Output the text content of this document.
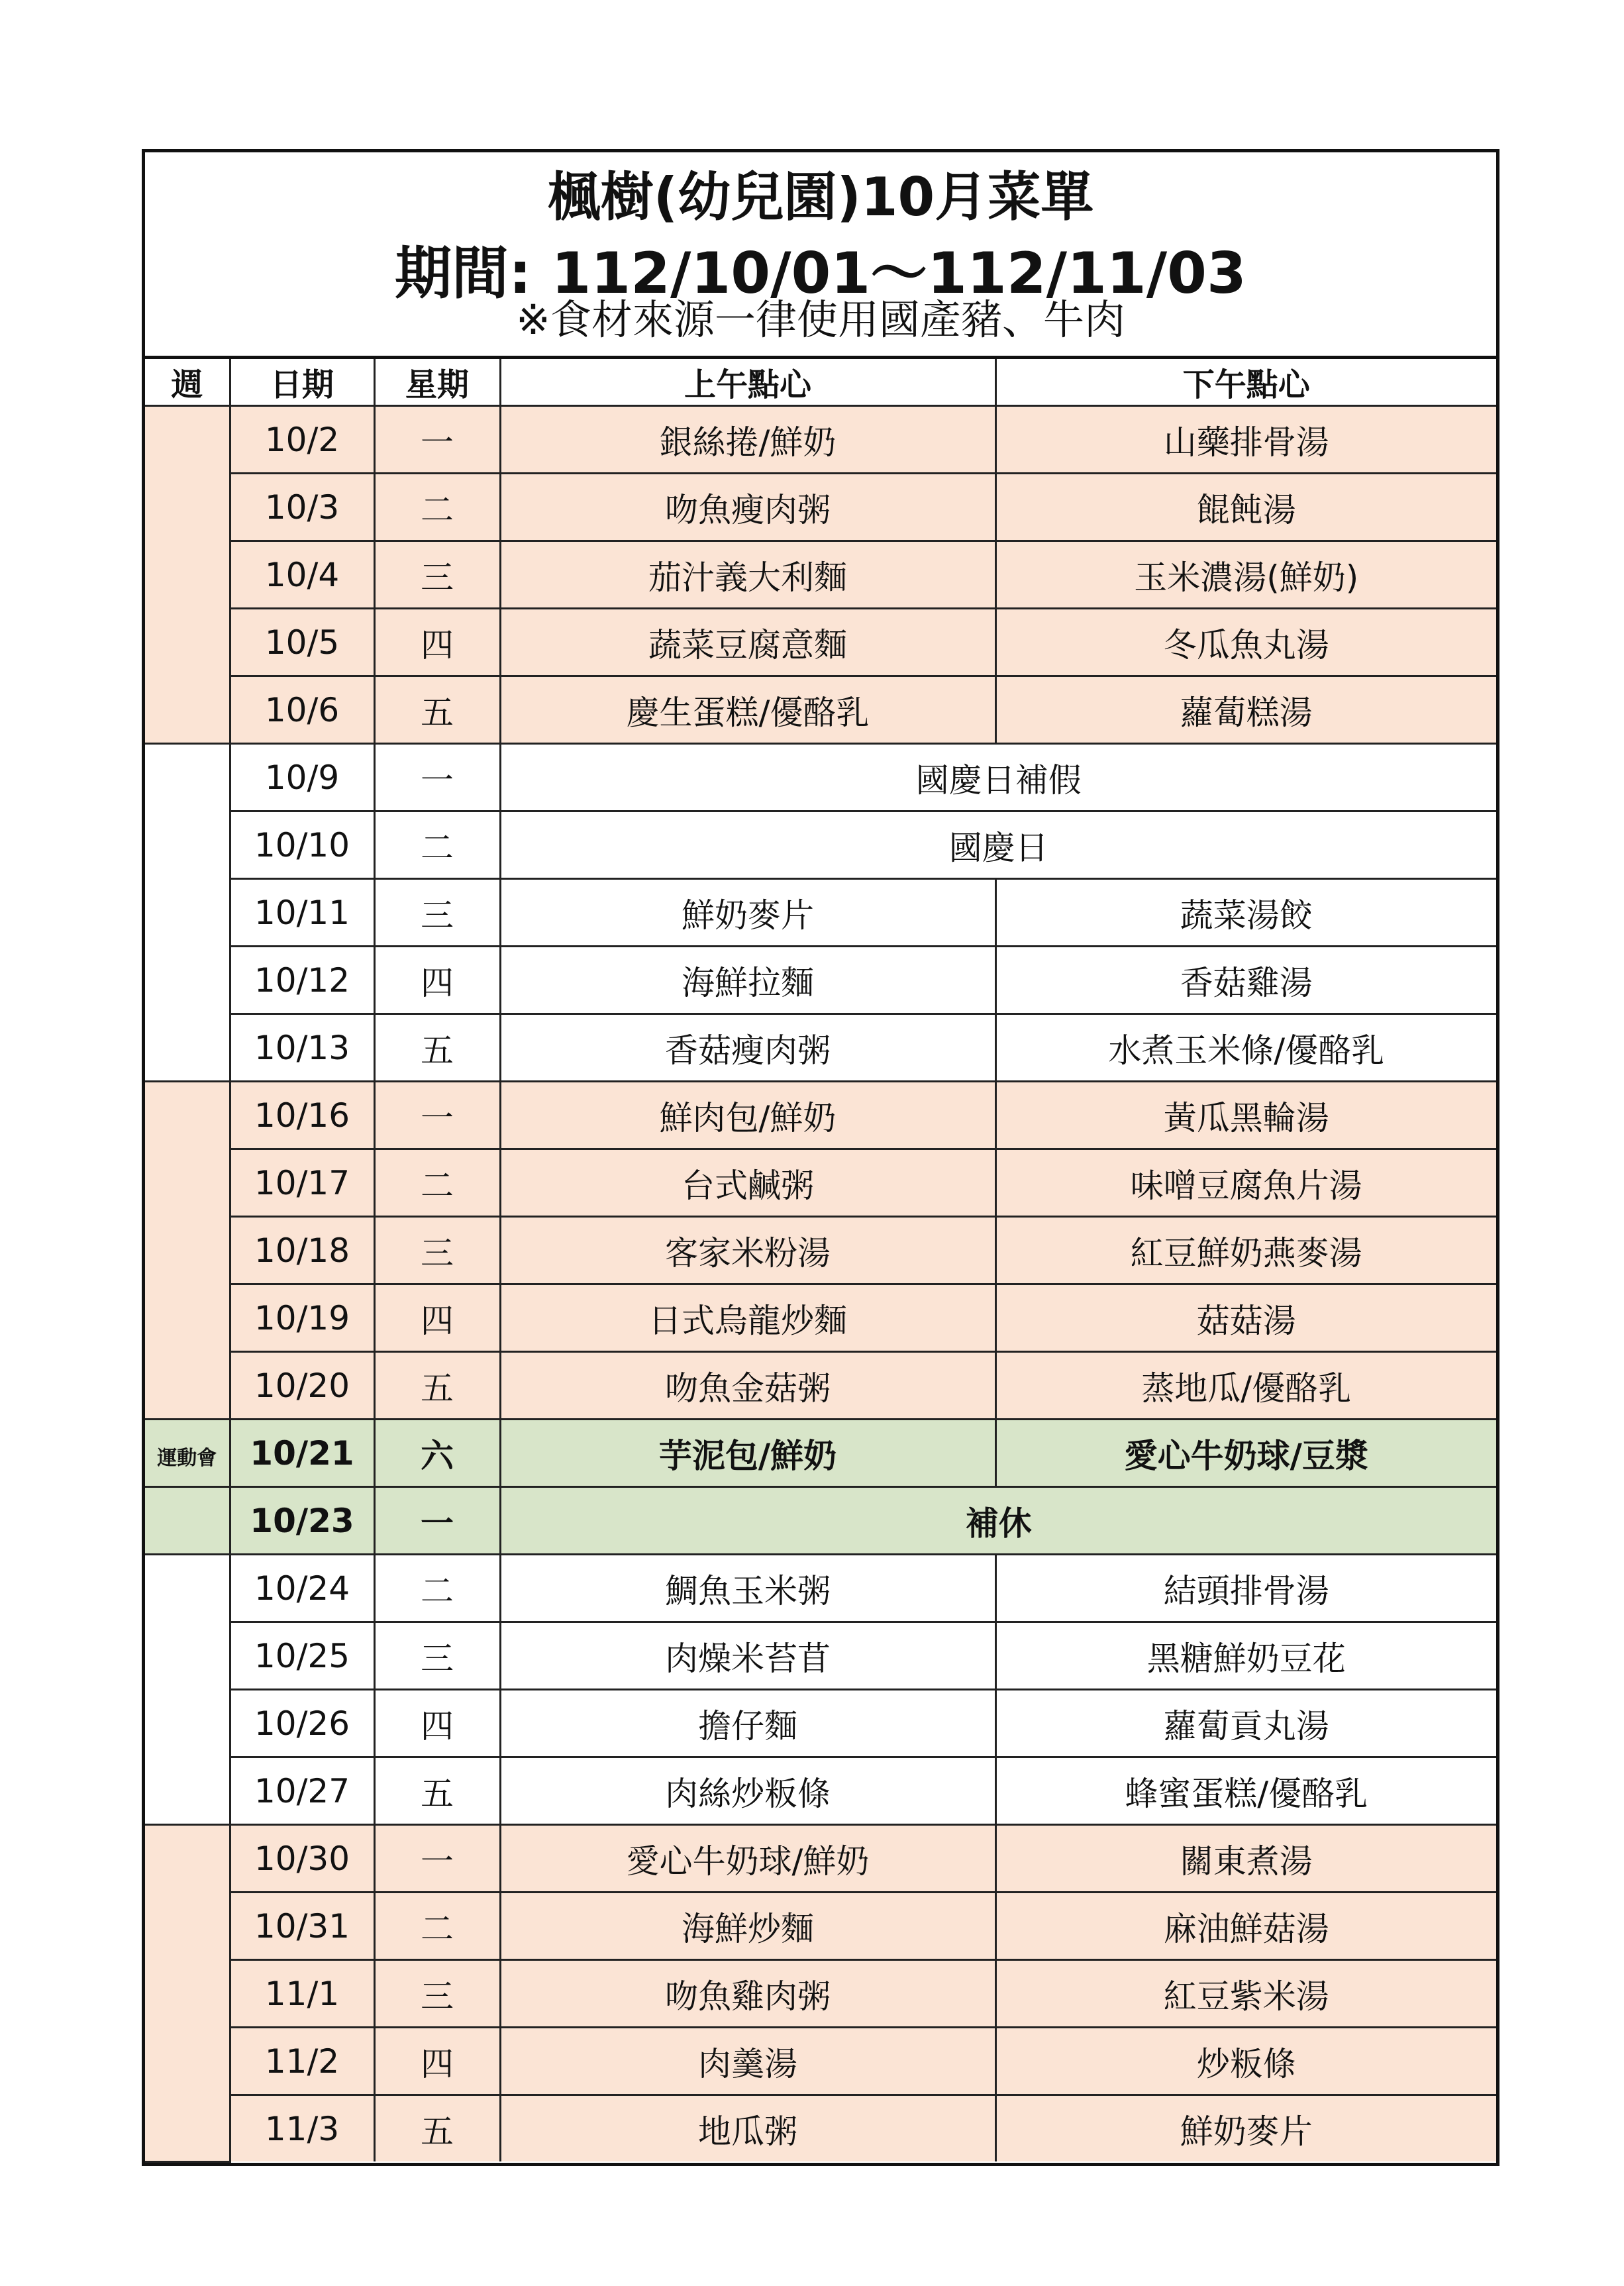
楓樹(幼兒園)10月菜單
期間: 112/10/01～112/11/03
※食材來源一律使用國產豬、牛肉
週	日期	星期	上午點心	下午點心
	10/2	一	銀絲捲/鮮奶	山藥排骨湯
	10/3	二	吻魚瘦肉粥	餛飩湯
	10/4	三	茄汁義大利麵	玉米濃湯(鮮奶)
	10/5	四	蔬菜豆腐意麵	冬瓜魚丸湯
	10/6	五	慶生蛋糕/優酪乳	蘿蔔糕湯
	10/9	一	國慶日補假	
	10/10	二	國慶日	
	10/11	三	鮮奶麥片	蔬菜湯餃
	10/12	四	海鮮拉麵	香菇雞湯
	10/13	五	香菇瘦肉粥	水煮玉米條/優酪乳
	10/16	一	鮮肉包/鮮奶	黃瓜黑輪湯
	10/17	二	台式鹹粥	味噌豆腐魚片湯
	10/18	三	客家米粉湯	紅豆鮮奶燕麥湯
	10/19	四	日式烏龍炒麵	菇菇湯
	10/20	五	吻魚金菇粥	蒸地瓜/優酪乳
運動會	10/21	六	芋泥包/鮮奶	愛心牛奶球/豆漿
	10/23	一	補休	
	10/24	二	鯛魚玉米粥	結頭排骨湯
	10/25	三	肉燥米苔苜	黑糖鮮奶豆花
	10/26	四	擔仔麵	蘿蔔貢丸湯
	10/27	五	肉絲炒粄條	蜂蜜蛋糕/優酪乳
	10/30	一	愛心牛奶球/鮮奶	關東煮湯
	10/31	二	海鮮炒麵	麻油鮮菇湯
	11/1	三	吻魚雞肉粥	紅豆紫米湯
	11/2	四	肉羹湯	炒粄條
	11/3	五	地瓜粥	鮮奶麥片
